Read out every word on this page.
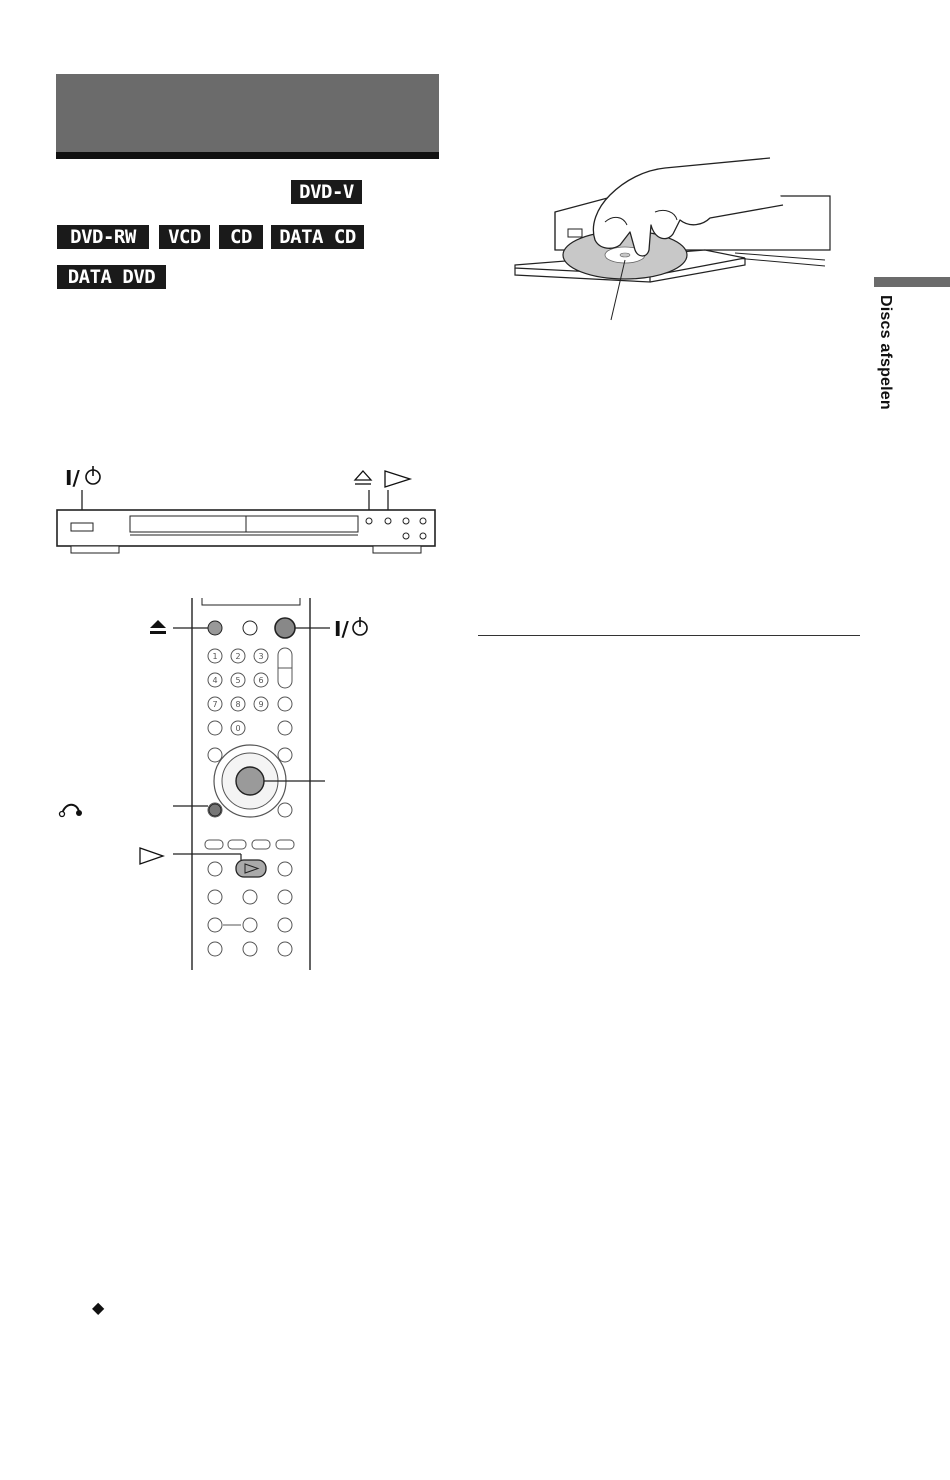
DVD-V
DVD-RW	VCD	CD	DATA CD
DATA DVD
Discs afspelen
I/
I/
1 2 3
4 5 6
7 8 9
0
◆
